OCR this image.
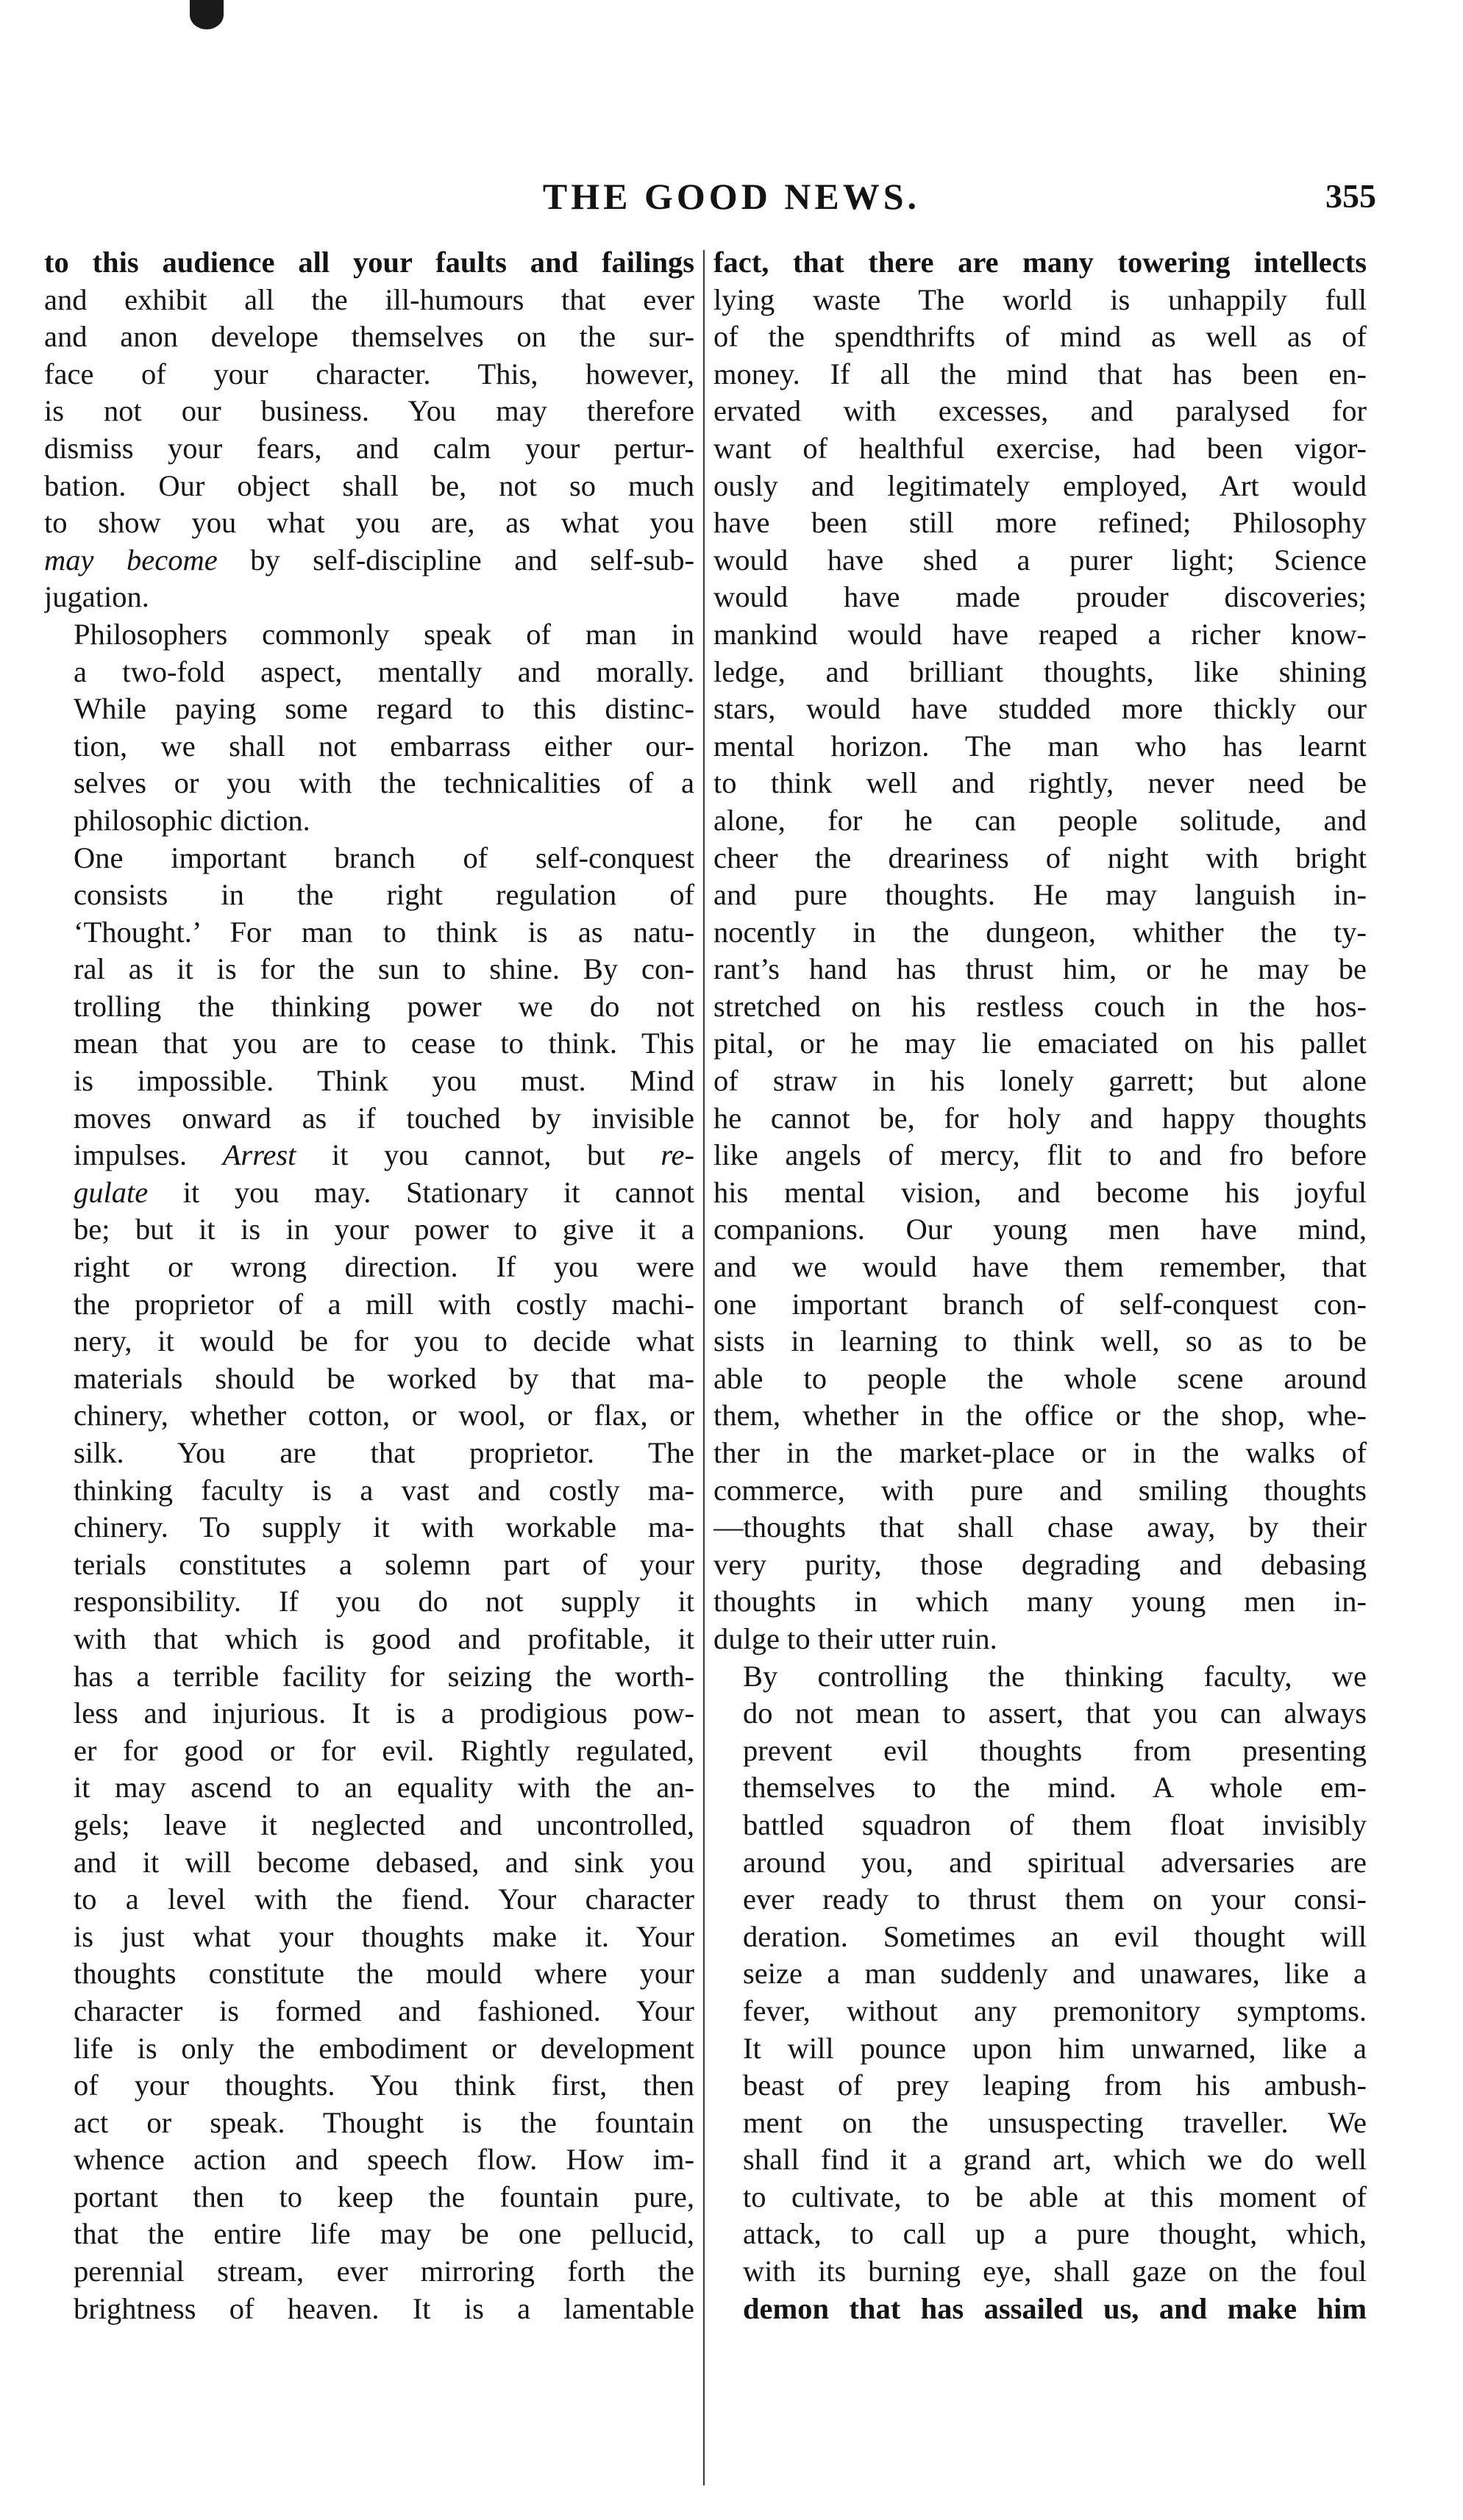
THE GOOD NEWS.	355

to this audience all your faults and failings
and exhibit all the ill-humours that ever
and anon develope themselves on the sur-
face of your character. This, however,
is not our business. You may therefore
dismiss your fears, and calm your pertur-
bation. Our object shall be, not so much
to show you what you are, as what you
may become by self-discipline and self-sub-
jugation.

Philosophers commonly speak of man in
a two-fold aspect, mentally and morally.
While paying some regard to this distinc-
tion, we shall not embarrass either our-
selves or you with the technicalities of a
philosophic diction.

One important branch of self-conquest
consists in the right regulation of
‘Thought.’ For man to think is as natu-
ral as it is for the sun to shine. By con-
trolling the thinking power we do not
mean that you are to cease to think. This
is impossible. Think you must. Mind
moves onward as if touched by invisible
impulses. Arrest it you cannot, but re-
gulate it you may. Stationary it cannot
be; but it is in your power to give it a
right or wrong direction. If you were
the proprietor of a mill with costly machi-
nery, it would be for you to decide what
materials should be worked by that ma-
chinery, whether cotton, or wool, or flax, or
silk. You are that proprietor. The
thinking faculty is a vast and costly ma-
chinery. To supply it with workable ma-
terials constitutes a solemn part of your
responsibility. If you do not supply it
with that which is good and profitable, it
has a terrible facility for seizing the worth-
less and injurious. It is a prodigious pow-
er for good or for evil. Rightly regulated,
it may ascend to an equality with the an-
gels; leave it neglected and uncontrolled,
and it will become debased, and sink you
to a level with the fiend. Your character
is just what your thoughts make it. Your
thoughts constitute the mould where your
character is formed and fashioned. Your
life is only the embodiment or development
of your thoughts. You think first, then
act or speak. Thought is the fountain
whence action and speech flow. How im-
portant then to keep the fountain pure,
that the entire life may be one pellucid,
perennial stream, ever mirroring forth the
brightness of heaven. It is a lamentable

fact, that there are many towering intellects
lying waste The world is unhappily full
of the spendthrifts of mind as well as of
money. If all the mind that has been en-
ervated with excesses, and paralysed for
want of healthful exercise, had been vigor-
ously and legitimately employed, Art would
have been still more refined; Philosophy
would have shed a purer light; Science
would have made prouder discoveries;
mankind would have reaped a richer know-
ledge, and brilliant thoughts, like shining
stars, would have studded more thickly our
mental horizon. The man who has learnt
to think well and rightly, never need be
alone, for he can people solitude, and
cheer the dreariness of night with bright
and pure thoughts. He may languish in-
nocently in the dungeon, whither the ty-
rant’s hand has thrust him, or he may be
stretched on his restless couch in the hos-
pital, or he may lie emaciated on his pallet
of straw in his lonely garrett; but alone
he cannot be, for holy and happy thoughts
like angels of mercy, flit to and fro before
his mental vision, and become his joyful
companions. Our young men have mind,
and we would have them remember, that
one important branch of self-conquest con-
sists in learning to think well, so as to be
able to people the whole scene around
them, whether in the office or the shop, whe-
ther in the market-place or in the walks of
commerce, with pure and smiling thoughts
—thoughts that shall chase away, by their
very purity, those degrading and debasing
thoughts in which many young men in-
dulge to their utter ruin.

By controlling the thinking faculty, we
do not mean to assert, that you can always
prevent evil thoughts from presenting
themselves to the mind. A whole em-
battled squadron of them float invisibly
around you, and spiritual adversaries are
ever ready to thrust them on your consi-
deration. Sometimes an evil thought will
seize a man suddenly and unawares, like a
fever, without any premonitory symptoms.
It will pounce upon him unwarned, like a
beast of prey leaping from his ambush-
ment on the unsuspecting traveller. We
shall find it a grand art, which we do well
to cultivate, to be able at this moment of
attack, to call up a pure thought, which,
with its burning eye, shall gaze on the foul
demon that has assailed us, and make him
